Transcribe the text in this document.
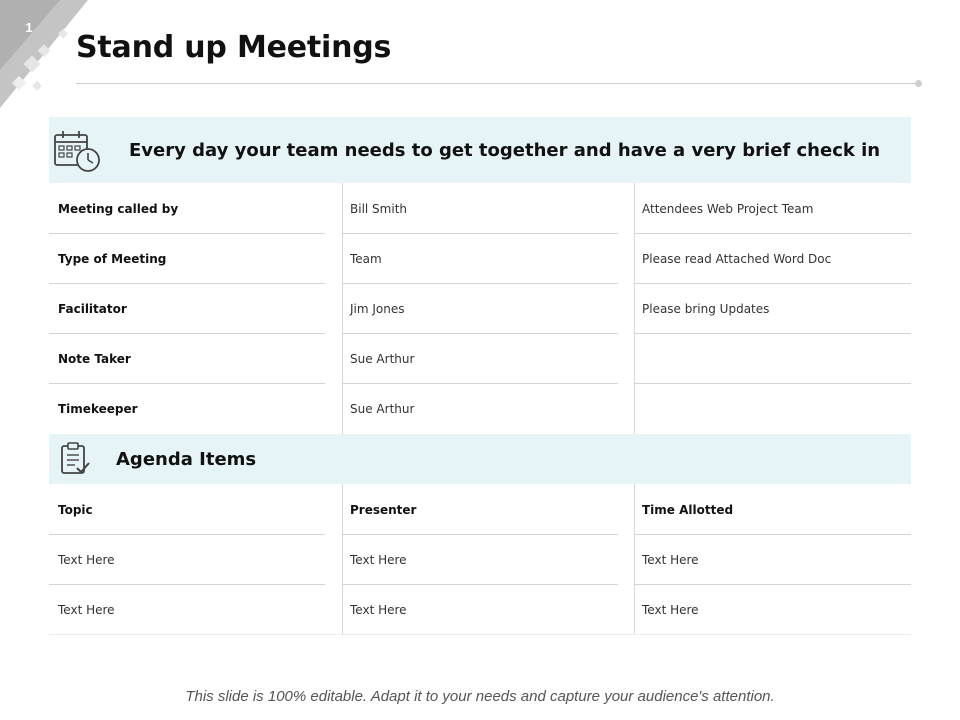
1
Stand up Meetings
Every day your team needs to get together and have a very brief check in
Meeting called by	Bill Smith	Attendees Web Project Team
Type of Meeting	Team	Please read Attached Word Doc
Facilitator	Jim Jones	Please bring Updates
Note Taker	Sue Arthur
Timekeeper	Sue Arthur
Agenda Items
Topic	Presenter	Time Allotted
Text Here	Text Here	Text Here
Text Here	Text Here	Text Here
This slide is 100% editable. Adapt it to your needs and capture your audience's attention.
